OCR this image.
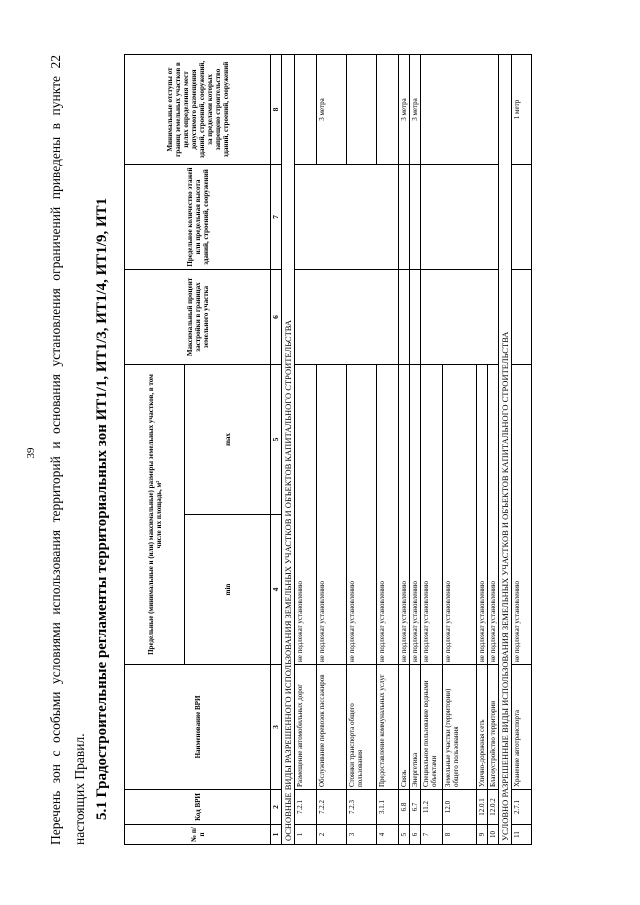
39 Перечень зон с особыми условиями использования территорий и основания установления ограничений приведены в пункте 22 настоящих Правил. 5.1 Градостроительные регламенты территориальных зон ИТ1/1, ИТ1/3, ИТ1/4, ИТ1/9, ИТ1
№ п/п	Код ВРИ	Наименование ВРИ	Предельные (минимальные и (или) максимальные) размеры земельных участков, в том числе их площадь, м²		Максимальный процент застройки в границах земельного участка	Предельное количество этажей или предельная высота зданий, строений, сооружений	Минимальные отступы от границ земельных участков в целях определения мест допустимого размещения зданий, строений, сооружений, за пределами которых запрещено строительство зданий, строений, сооружений
			min	max			
1	2	3	4	5	6	7	8
ОСНОВНЫЕ ВИДЫ РАЗРЕШЕННОГО ИСПОЛЬЗОВАНИЯ ЗЕМЕЛЬНЫХ УЧАСТКОВ И ОБЪЕКТОВ КАПИТАЛЬНОГО СТРОИТЕЛЬСТВА							
1	7.2.1	Размещение автомобильных дорог	не подлежат установлению				
2	7.2.2	Обслуживание перевозок пассажиров	не подлежат установлению				3 метра
3	7.2.3	Стоянки транспорта общего пользования	не подлежат установлению				
4	3.1.1	Предоставление коммунальных услуг	не подлежат установлению				
5	6.8	Связь	не подлежат установлению				3 метра
6	6.7	Энергетика	не подлежат установлению				3 метра
7	11.2	Специальное пользование водными объектами	не подлежат установлению				
8	12.0	Земельные участки (территории) общего пользования	не подлежат установлению				
9	12.0.1	Улично-дорожная сеть	не подлежат установлению				
10	12.0.2	Благоустройство территории	не подлежат установлению				
УСЛОВНО РАЗРЕШЕННЫЕ ВИДЫ ИСПОЛЬЗОВАНИЯ ЗЕМЕЛЬНЫХ УЧАСТКОВ И ОБЪЕКТОВ КАПИТАЛЬНОГО СТРОИТЕЛЬСТВА							
11	2.7.1	Хранение автотранспорта	не подлежат установлению				1 метр
